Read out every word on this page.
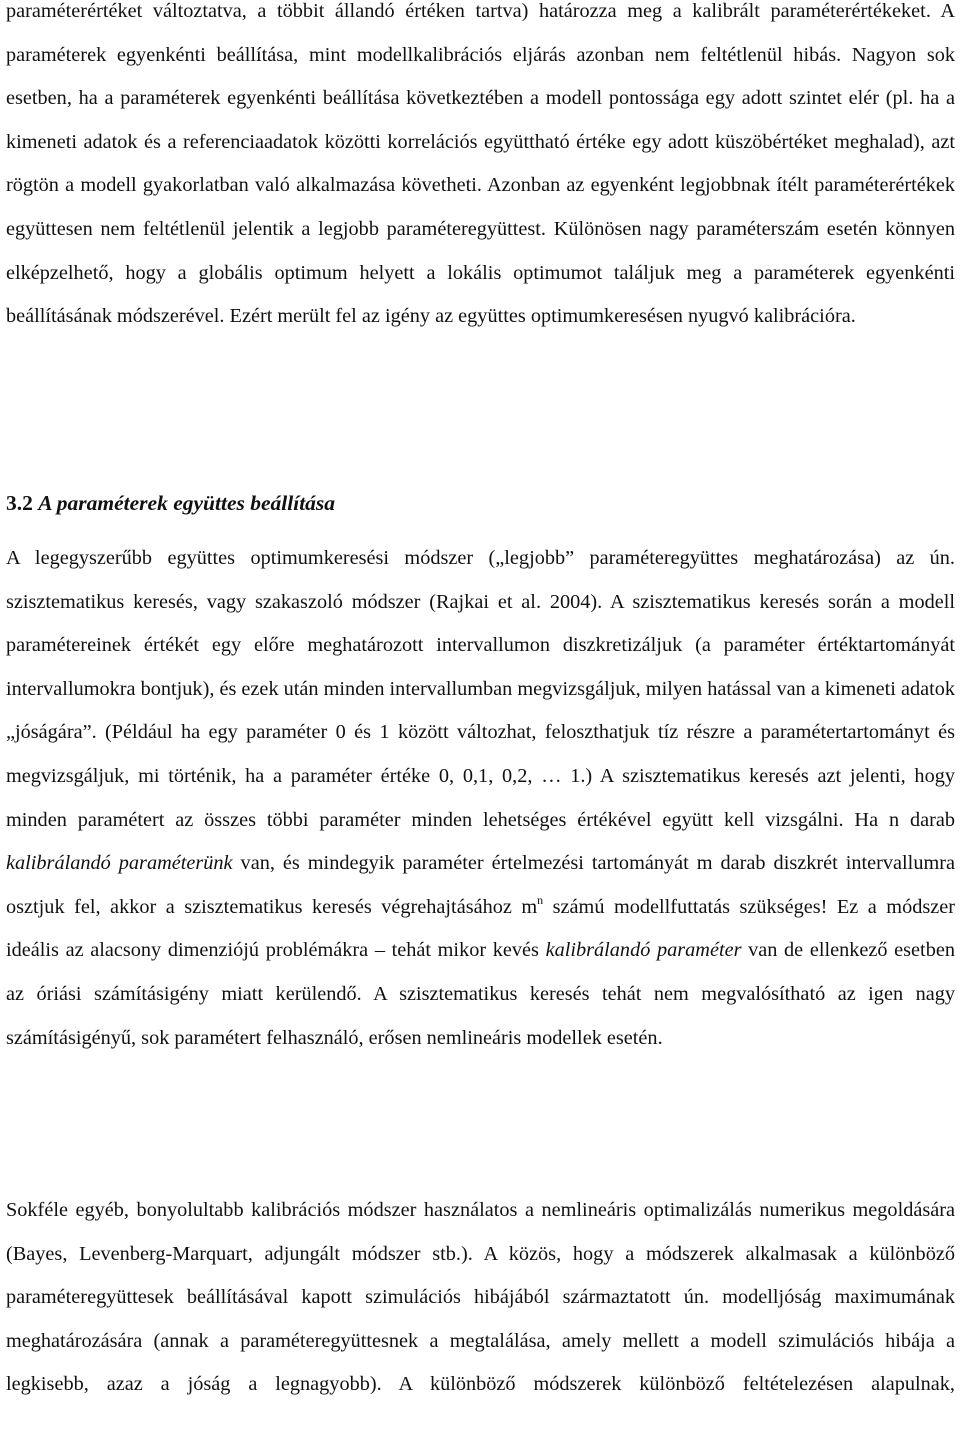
paraméterértéket változtatva, a többit állandó értéken tartva) határozza meg a kalibrált paraméterértékeket. A paraméterek egyenkénti beállítása, mint modellkalibrációs eljárás azonban nem feltétlenül hibás. Nagyon sok esetben, ha a paraméterek egyenkénti beállítása következtében a modell pontossága egy adott szintet elér (pl. ha a kimeneti adatok és a referenciaadatok közötti korrelációs együttható értéke egy adott küszöbértéket meghalad), azt rögtön a modell gyakorlatban való alkalmazása követheti. Azonban az egyenként legjobbnak ítélt paraméterértékek együttesen nem feltétlenül jelentik a legjobb paraméteregyüttest. Különösen nagy paraméterszám esetén könnyen elképzelhető, hogy a globális optimum helyett a lokális optimumot találjuk meg a paraméterek egyenkénti beállításának módszerével. Ezért merült fel az igény az együttes optimumkeresésen nyugvó kalibrációra.

3.2 A paraméterek együttes beállítása

A legegyszerűbb együttes optimumkeresési módszer („legjobb” paraméteregyüttes meghatározása) az ún. szisztematikus keresés, vagy szakaszoló módszer (Rajkai et al. 2004). A szisztematikus keresés során a modell paramétereinek értékét egy előre meghatározott intervallumon diszkretizáljuk (a paraméter értéktartományát intervallumokra bontjuk), és ezek után minden intervallumban megvizsgáljuk, milyen hatással van a kimeneti adatok „jóságára”. (Például ha egy paraméter 0 és 1 között változhat, feloszthatjuk tíz részre a paramétertartományt és megvizsgáljuk, mi történik, ha a paraméter értéke 0, 0,1, 0,2, … 1.) A szisztematikus keresés azt jelenti, hogy minden paramétert az összes többi paraméter minden lehetséges értékével együtt kell vizsgálni. Ha n darab kalibrálandó paraméterünk van, és mindegyik paraméter értelmezési tartományát m darab diszkrét intervallumra osztjuk fel, akkor a szisztematikus keresés végrehajtásához $m^n$ számú modellfuttatás szükséges! Ez a módszer ideális az alacsony dimenziójú problémákra – tehát mikor kevés kalibrálandó paraméter van de ellenkező esetben az óriási számításigény miatt kerülendő. A szisztematikus keresés tehát nem megvalósítható az igen nagy számításigényű, sok paramétert felhasználó, erősen nemlineáris modellek esetén.

Sokféle egyéb, bonyolultabb kalibrációs módszer használatos a nemlineáris optimalizálás numerikus megoldására (Bayes, Levenberg-Marquart, adjungált módszer stb.). A közös, hogy a módszerek alkalmasak a különböző paraméteregyüttesek beállításával kapott szimulációs hibájából származtatott ún. modelljóság maximumának meghatározására (annak a paraméteregyüttesnek a megtalálása, amely mellett a modell szimulációs hibája a legkisebb, azaz a jóság a legnagyobb). A különböző módszerek különböző feltételezésen alapulnak,
